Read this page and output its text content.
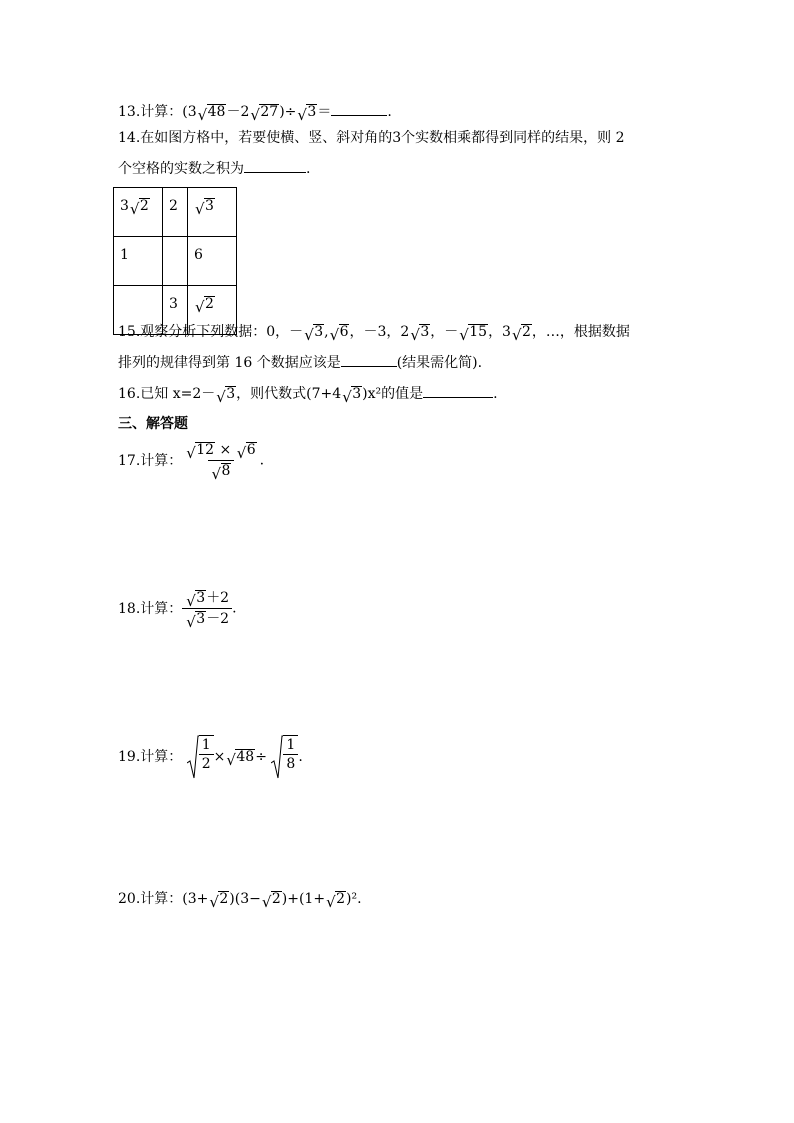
13.计算：(3 √ 48－2 √ 27)÷ √ 3＝	.
14.在如图方格中，若要使横、竖、斜对角的3个实数相乘都得到同样的结果，则 2
个空格的实数之积为	.
3 √ 2	2	√ 3
1		6
	3	√ 2
15.观察分析下列数据：0，－ √ 3, √ 6，－3，2 √ 3，－ √ 15，3 √ 2，…，根据数据
排列的规律得到第 16 个数据应该是	(结果需化简).
16.已知 x=2－ √ 3，则代数式(7+4 √ 3)x²的值是	.
三、解答题
17.计算： $\frac{√ 12 \times √ 6}{√ 8}$ .
18.计算： $\frac{√ 3+2}{√ 3-2}$ .
19.计算： $\frac{1}{2}$ × √ $48\div \frac{1}{8}$ .
20.计算：(3+ √ 2)(3− √ 2)+(1+ √ 2)².
